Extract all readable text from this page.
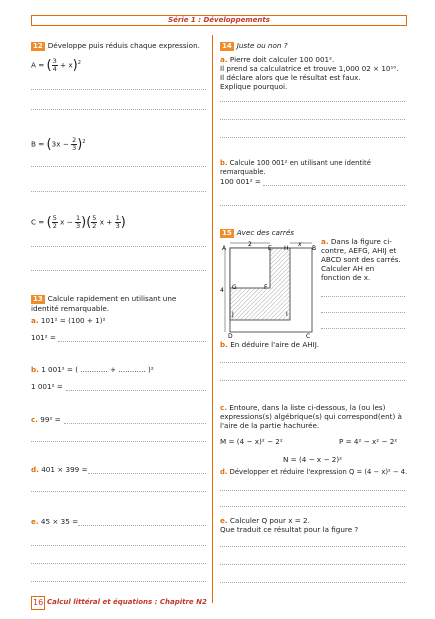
Série 1 : Développements
12 Développe puis réduis chaque expression.
A = ( $\frac{3}{4} + x)^2$
$B = (3x - \frac{2}{3} )^2$
C = ( $\frac{5}{2}$ $x - \frac{1}{3}$ )( $\frac{5}{2}$ $x + \frac{1}{3}$ )
13 Calcule rapidement en utilisant une identité remarquable.
a. 101² = (100 + 1)²
101² =
b. 1 001² = ( ............ + ............ )²
1 001² =
c. 99² =
d. 401 × 399 =
e. 45 × 35 =
14 Juste ou non ?
a. Pierre doit calculer 100 001².
Il prend sa calculatrice et trouve 1,000 02 × 10¹⁰.
Il déclare alors que le résultat est faux.
Explique pourquoi.
b. Calcule 100 001² en utilisant une identité remarquable.
100 001² =
15 Avec des carrés
A	E H	B
G	F
J	I
D	C
2
4
x	a. Dans la figure ci-
contre, AEFG, AHIJ et
ABCD sont des carrés.
Calculer AH en
fonction de x.
b. En déduire l'aire de AHIJ.
c. Entoure, dans la liste ci-dessous, la (ou les)
expressions(s) algébrique(s) qui correspond(ent) à
l'aire de la partie hachurée.
M = (4 − x)² − 2²	P = 4² − x² − 2²
N = (4 − x − 2)²
d. Développer et réduire l'expression Q = (4 − x)² − 4.
e. Calculer Q pour x = 2.
Que traduit ce résultat pour la figure ?
16 Calcul littéral et équations : Chapitre N2
